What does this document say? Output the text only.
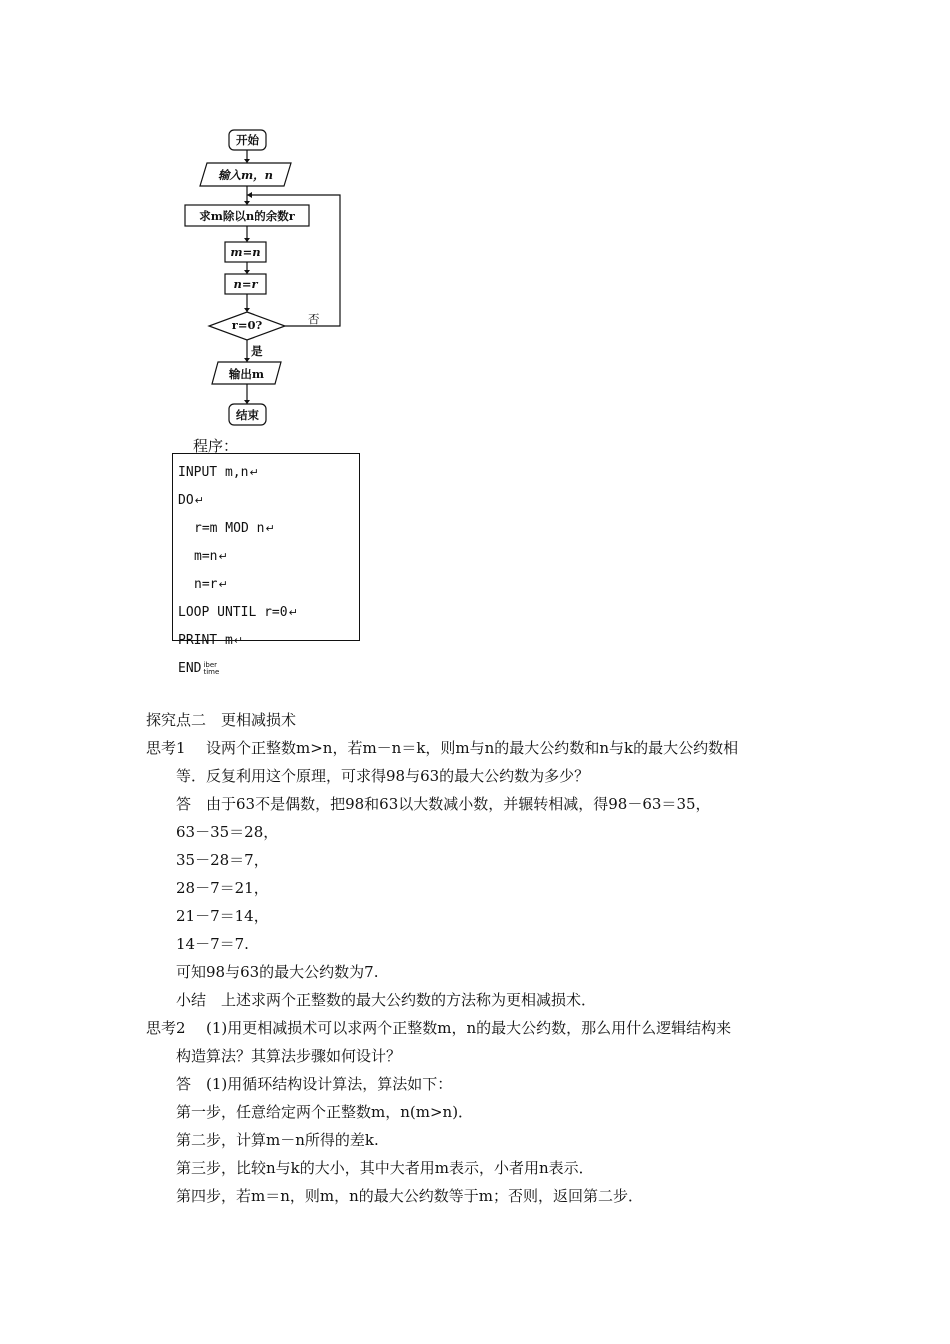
开始
输入m，n
求m除以n的余数r
m=n
n=r
r=0?	否
是
输出m
结束
程序：
INPUT m,n↵
DO↵
r=m MOD n↵
m=n↵
n=r↵
LOOP UNTIL r=0↵
PRINT m↵
END iber
time
探究点二　更相减损术
思考1 设两个正整数m>n，若m－n＝k，则m与n的最大公约数和n与k的最大公约数相
等．反复利用这个原理，可求得98与63的最大公约数为多少？
答　由于63不是偶数，把98和63以大数减小数，并辗转相减，得98－63＝35，
63－35＝28，
35－28＝7，
28－7＝21，
21－7＝14，
14－7＝7.
可知98与63的最大公约数为7.
小结　上述求两个正整数的最大公约数的方法称为更相减损术．
思考2 (1)用更相减损术可以求两个正整数m，n的最大公约数，那么用什么逻辑结构来
构造算法？其算法步骤如何设计？
答　(1)用循环结构设计算法，算法如下：
第一步，任意给定两个正整数m，n(m>n)．
第二步，计算m－n所得的差k.
第三步，比较n与k的大小，其中大者用m表示，小者用n表示．
第四步，若m＝n，则m，n的最大公约数等于m；否则，返回第二步．
